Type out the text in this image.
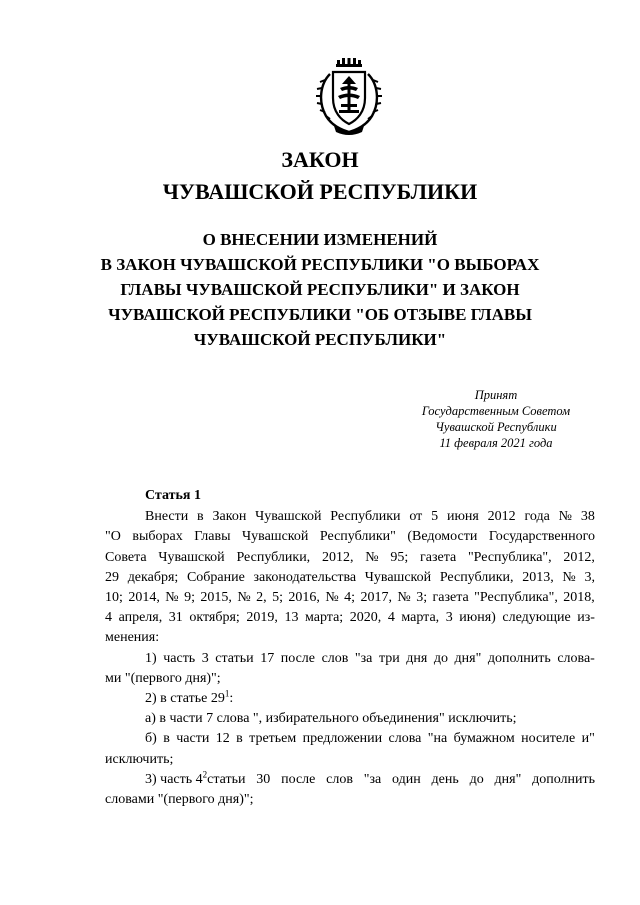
ЗАКОН
ЧУВАШСКОЙ РЕСПУБЛИКИ
О ВНЕСЕНИИ ИЗМЕНЕНИЙ
В ЗАКОН ЧУВАШСКОЙ РЕСПУБЛИКИ "О ВЫБОРАХ
ГЛАВЫ ЧУВАШСКОЙ РЕСПУБЛИКИ" И ЗАКОН
ЧУВАШСКОЙ РЕСПУБЛИКИ "ОБ ОТЗЫВЕ ГЛАВЫ
ЧУВАШСКОЙ РЕСПУБЛИКИ"
Принят
Государственным Советом
Чувашской Республики
11 февраля 2021 года
Статья 1
Внести в Закон Чувашской Республики от 5 июня 2012 года № 38
"О выборах Главы Чувашской Республики" (Ведомости Государственного
Совета Чувашской Республики, 2012, № 95; газета "Республика", 2012,
29 декабря; Собрание законодательства Чувашской Республики, 2013, № 3,
10; 2014, № 9; 2015, № 2, 5; 2016, № 4; 2017, № 3; газета "Республика", 2018,
4 апреля, 31 октября; 2019, 13 марта; 2020, 4 марта, 3 июня) следующие из-
менения:
1) часть 3 статьи 17 после слов "за три дня до дня" дополнить слова-
ми "(первого дня)";
2) в статье $29^1$:
а) в части 7 слова ", избирательного объединения" исключить;
б) в части 12 в третьем предложении слова "на бумажном носителе и"
исключить;
3) часть $4^2$ статьи 30 после слов "за один день до дня" дополнить
словами "(первого дня)";
